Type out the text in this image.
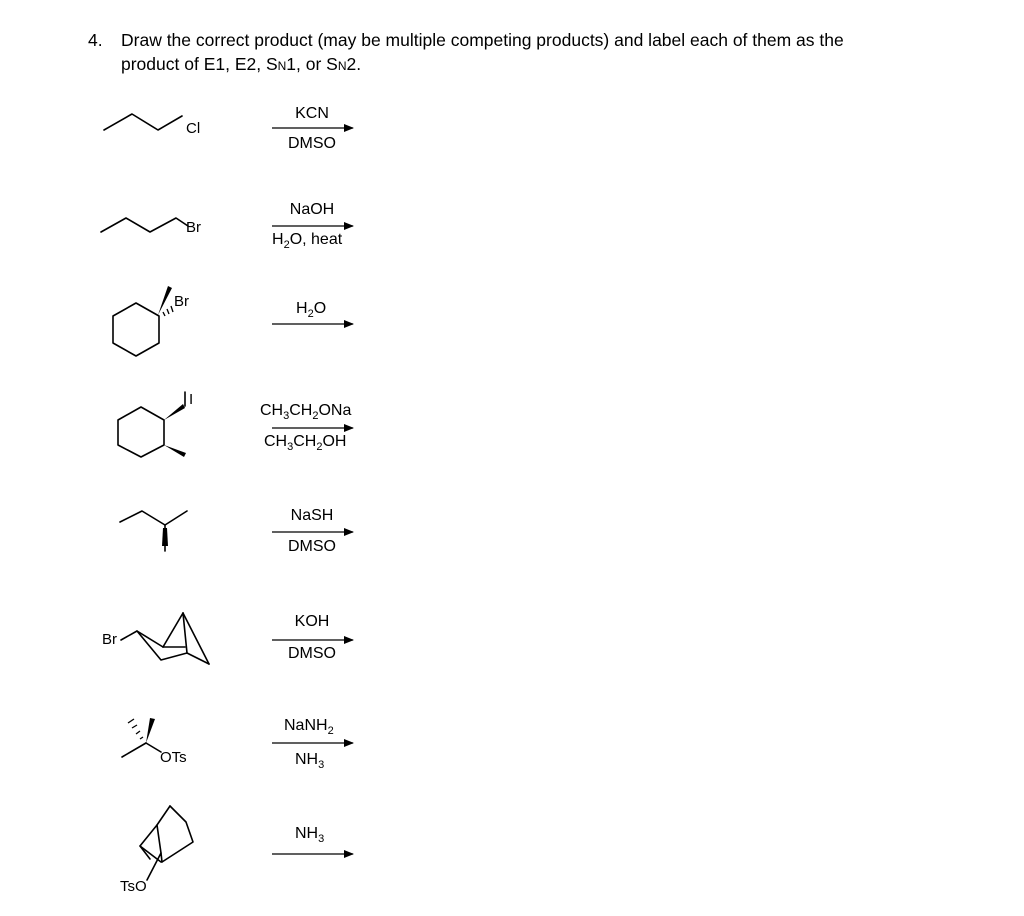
4. Draw the correct product (may be multiple competing products) and label each of them as the
product of E1, E2, SN1, or SN2.
Cl
KCN
DMSO
Br
NaOH
$H_2O$, heat
Br	$H_2O$
I
$CH_3CH_2ONa$
$CH_3CH_2OH$
NaSH
DMSO
Br
KOH
DMSO
OTs
NaNH$_2$
$NH_3$
TsO
$NH_3$
